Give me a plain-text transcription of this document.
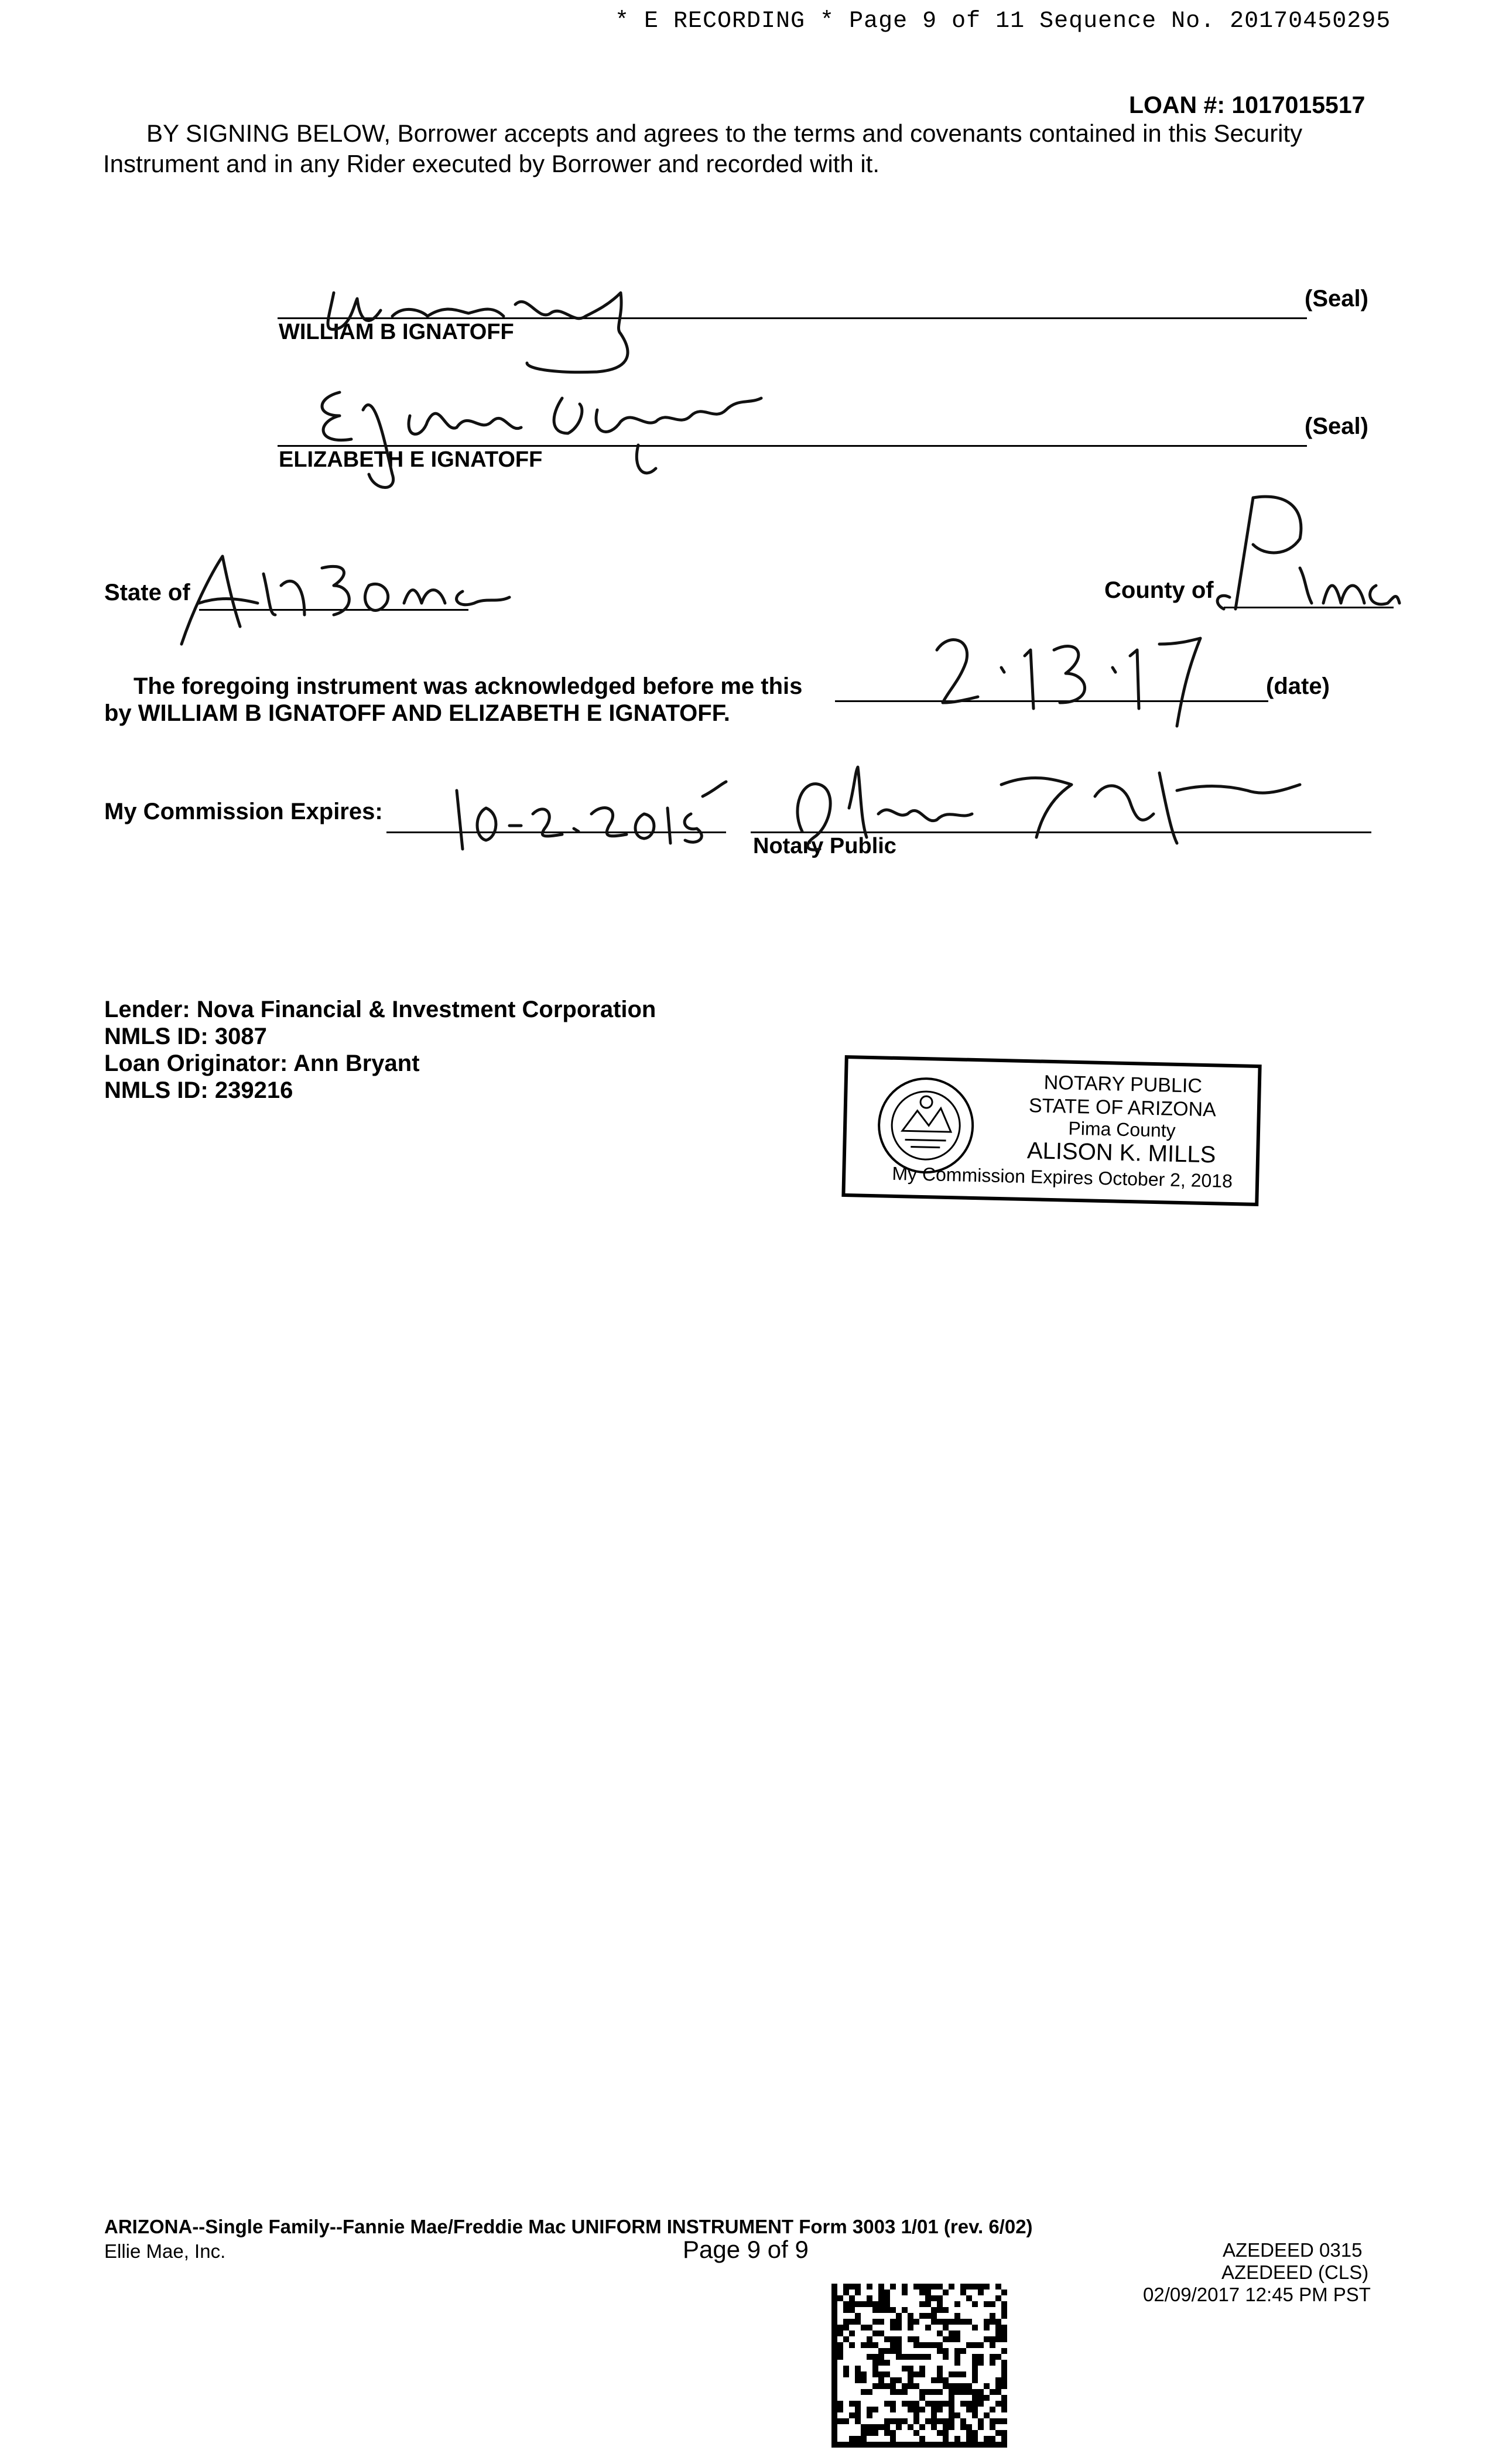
* E RECORDING * Page 9 of 11 Sequence No. 20170450295
LOAN #: 1017015517
BY SIGNING BELOW, Borrower accepts and agrees to the terms and covenants contained in this Security
Instrument and in any Rider executed by Borrower and recorded with it.
(Seal)
WILLIAM B IGNATOFF
(Seal)
ELIZABETH E IGNATOFF
State of	County of
The foregoing instrument was acknowledged before me this	(date)
by WILLIAM B IGNATOFF AND ELIZABETH E IGNATOFF.
My Commission Expires:
Notary Public
Lender: Nova Financial & Investment Corporation
NMLS ID: 3087
Loan Originator: Ann Bryant
NMLS ID: 239216	NOTARY PUBLIC
STATE OF ARIZONA
Pima County
ALISON K. MILLS
My Commission Expires October 2, 2018
ARIZONA--Single Family--Fannie Mae/Freddie Mac UNIFORM INSTRUMENT Form 3003 1/01 (rev. 6/02)
Ellie Mae, Inc.	Page 9 of 9	AZEDEED 0315
AZEDEED (CLS)
02/09/2017 12:45 PM PST
